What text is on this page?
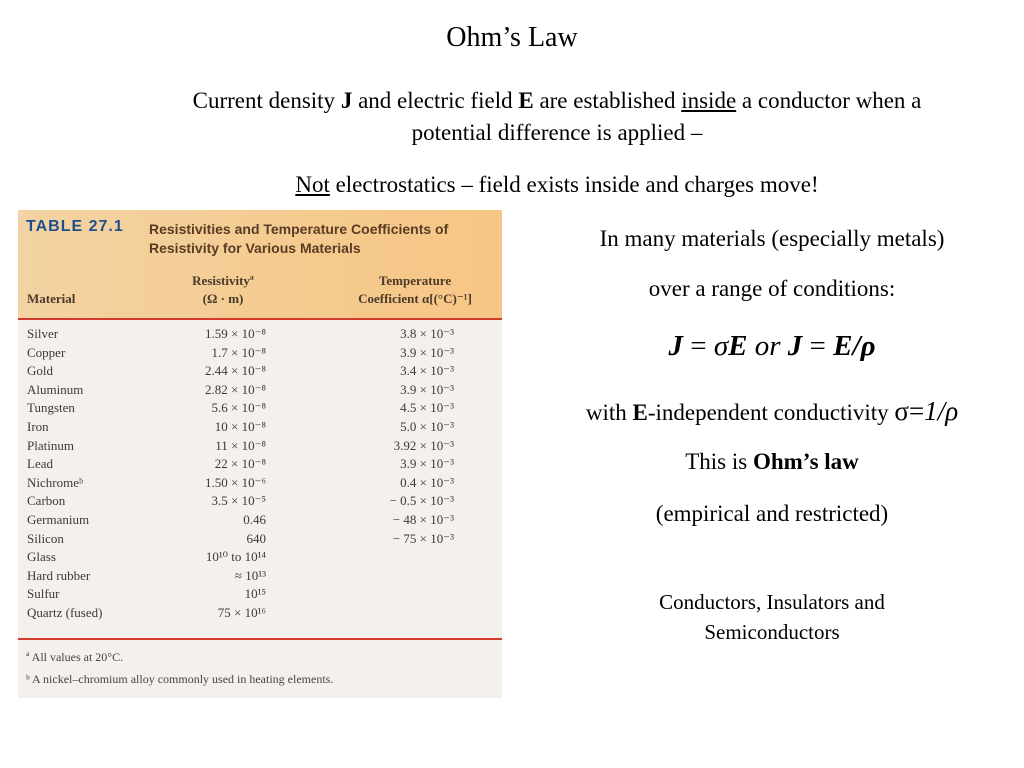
Ohm’s Law
Current density J and electric field E are established inside a conductor when a
potential difference is applied –
Not electrostatics – field exists inside and charges move!
TABLE 27.1 Resistivities and Temperature Coefficients of
Resistivity for Various Materials
Material
Resistivityª
(Ω · m)
Temperature
Coefficient α[(°C)⁻¹]
Silver	1.59 × 10⁻⁸	3.8 × 10⁻³
Copper	1.7 × 10⁻⁸	3.9 × 10⁻³
Gold	2.44 × 10⁻⁸	3.4 × 10⁻³
Aluminum	2.82 × 10⁻⁸	3.9 × 10⁻³
Tungsten	5.6 × 10⁻⁸	4.5 × 10⁻³
Iron	10 × 10⁻⁸	5.0 × 10⁻³
Platinum	11 × 10⁻⁸	3.92 × 10⁻³
Lead	22 × 10⁻⁸	3.9 × 10⁻³
Nichromeᵇ	1.50 × 10⁻⁶	0.4 × 10⁻³
Carbon	3.5 × 10⁻⁵	− 0.5 × 10⁻³
Germanium	0.46	− 48 × 10⁻³
Silicon	640	− 75 × 10⁻³
Glass	10¹⁰ to 10¹⁴
Hard rubber	≈ 10¹³
Sulfur	10¹⁵
Quartz (fused)	75 × 10¹⁶
ª All values at 20°C.
ᵇ A nickel–chromium alloy commonly used in heating elements.
In many materials (especially metals)
over a range of conditions:
J = σE or J = E/ρ
with E-independent conductivity σ=1/ρ
This is Ohm’s law
(empirical and restricted)
Conductors, Insulators and
Semiconductors
